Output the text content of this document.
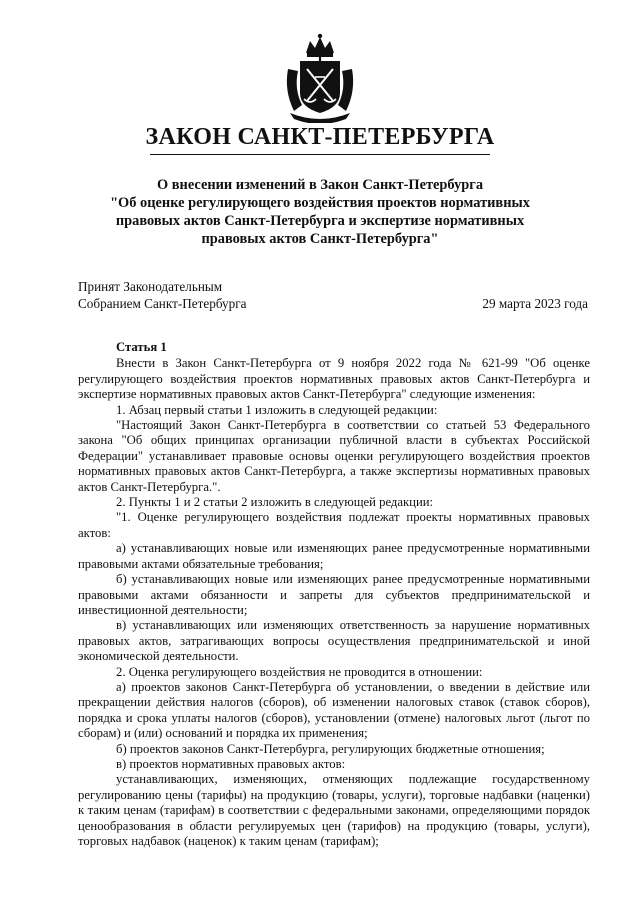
ЗАКОН САНКТ-ПЕТЕРБУРГА
О внесении изменений в Закон Санкт-Петербурга
"Об оценке регулирующего воздействия проектов нормативных
правовых актов Санкт-Петербурга и экспертизе нормативных
правовых актов Санкт-Петербурга"
Принят Законодательным
Собранием Санкт-Петербурга	29 марта 2023 года
Статья 1

Внести в Закон Санкт-Петербурга от 9 ноября 2022 года № 621-99 "Об оценке регулирующего воздействия проектов нормативных правовых актов Санкт-Петербурга и экспертизе нормативных правовых актов Санкт-Петербурга" следующие изменения:

1. Абзац первый статьи 1 изложить в следующей редакции:

"Настоящий Закон Санкт-Петербурга в соответствии со статьей 53 Федерального закона "Об общих принципах организации публичной власти в субъектах Российской Федерации" устанавливает правовые основы оценки регулирующего воздействия проектов нормативных правовых актов Санкт-Петербурга, а также экспертизы нормативных правовых актов Санкт-Петербурга.".

2. Пункты 1 и 2 статьи 2 изложить в следующей редакции:

"1. Оценке регулирующего воздействия подлежат проекты нормативных правовых актов:

а) устанавливающих новые или изменяющих ранее предусмотренные нормативными правовыми актами обязательные требования;

б) устанавливающих новые или изменяющих ранее предусмотренные нормативными правовыми актами обязанности и запреты для субъектов предпринимательской и инвестиционной деятельности;

в) устанавливающих или изменяющих ответственность за нарушение нормативных правовых актов, затрагивающих вопросы осуществления предпринимательской и иной экономической деятельности.

2. Оценка регулирующего воздействия не проводится в отношении:

а) проектов законов Санкт-Петербурга об установлении, о введении в действие или прекращении действия налогов (сборов), об изменении налоговых ставок (ставок сборов), порядка и срока уплаты налогов (сборов), установлении (отмене) налоговых льгот (льгот по сборам) и (или) оснований и порядка их применения;

б) проектов законов Санкт-Петербурга, регулирующих бюджетные отношения;

в) проектов нормативных правовых актов:

устанавливающих, изменяющих, отменяющих подлежащие государственному регулированию цены (тарифы) на продукцию (товары, услуги), торговые надбавки (наценки) к таким ценам (тарифам) в соответствии с федеральными законами, определяющими порядок ценообразования в области регулируемых цен (тарифов) на продукцию (товары, услуги), торговых надбавок (наценок) к таким ценам (тарифам);
